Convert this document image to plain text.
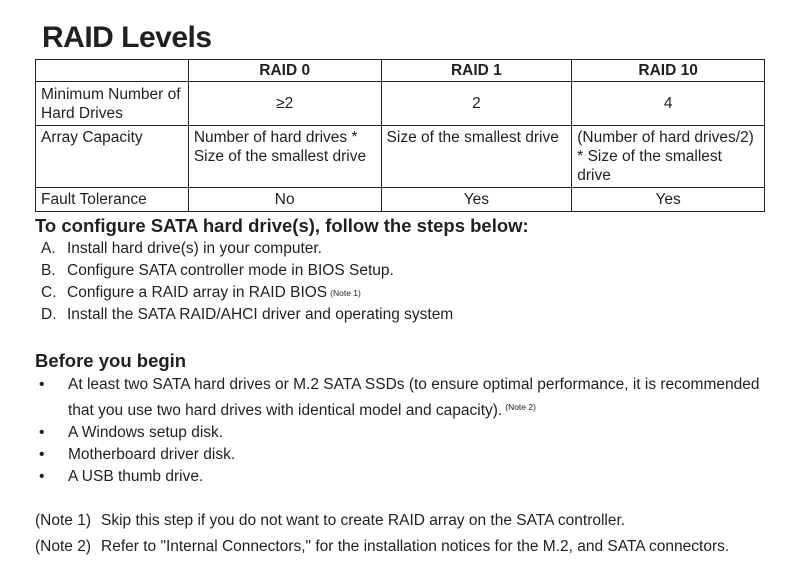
RAID Levels
	RAID 0	RAID 1	RAID 10
Minimum Number of Hard Drives	≥2	2	4
Array Capacity	Number of hard drives * Size of the smallest drive	Size of the smallest drive	(Number of hard drives/2) * Size of the smallest drive
Fault Tolerance	No	Yes	Yes
To configure SATA hard drive(s), follow the steps below:
A. Install hard drive(s) in your computer.
B. Configure SATA controller mode in BIOS Setup.
C. Configure a RAID array in RAID BIOS (Note 1)
D. Install the SATA RAID/AHCI driver and operating system
Before you begin
•	At least two SATA hard drives or M.2 SATA SSDs (to ensure optimal performance, it is recommended that you use two hard drives with identical model and capacity). $^{(Note 2)}$
•	A Windows setup disk.
•	Motherboard driver disk.
•	A USB thumb drive.
(Note 1) Skip this step if you do not want to create RAID array on the SATA controller.
(Note 2) Refer to "Internal Connectors," for the installation notices for the M.2, and SATA connectors.
